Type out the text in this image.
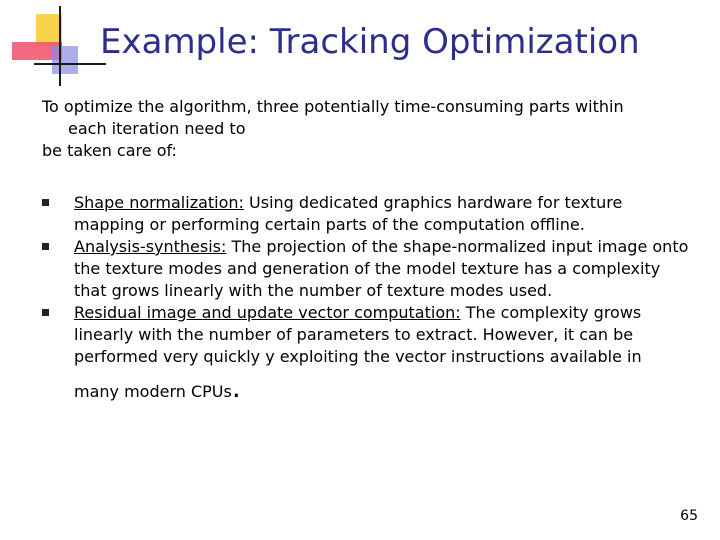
Example: Tracking Optimization
To optimize the algorithm, three potentially time-consuming parts within
each iteration need to
be taken care of:
Shape normalization: Using dedicated graphics hardware for texture mapping or performing certain parts of the computation offline.
Analysis-synthesis: The projection of the shape-normalized input image onto the texture modes and generation of the model texture has a complexity that grows linearly with the number of texture modes used.
Residual image and update vector computation: The complexity grows linearly with the number of parameters to extract. However, it can be performed very quickly y exploiting the vector instructions available in many modern CPUs.
65
